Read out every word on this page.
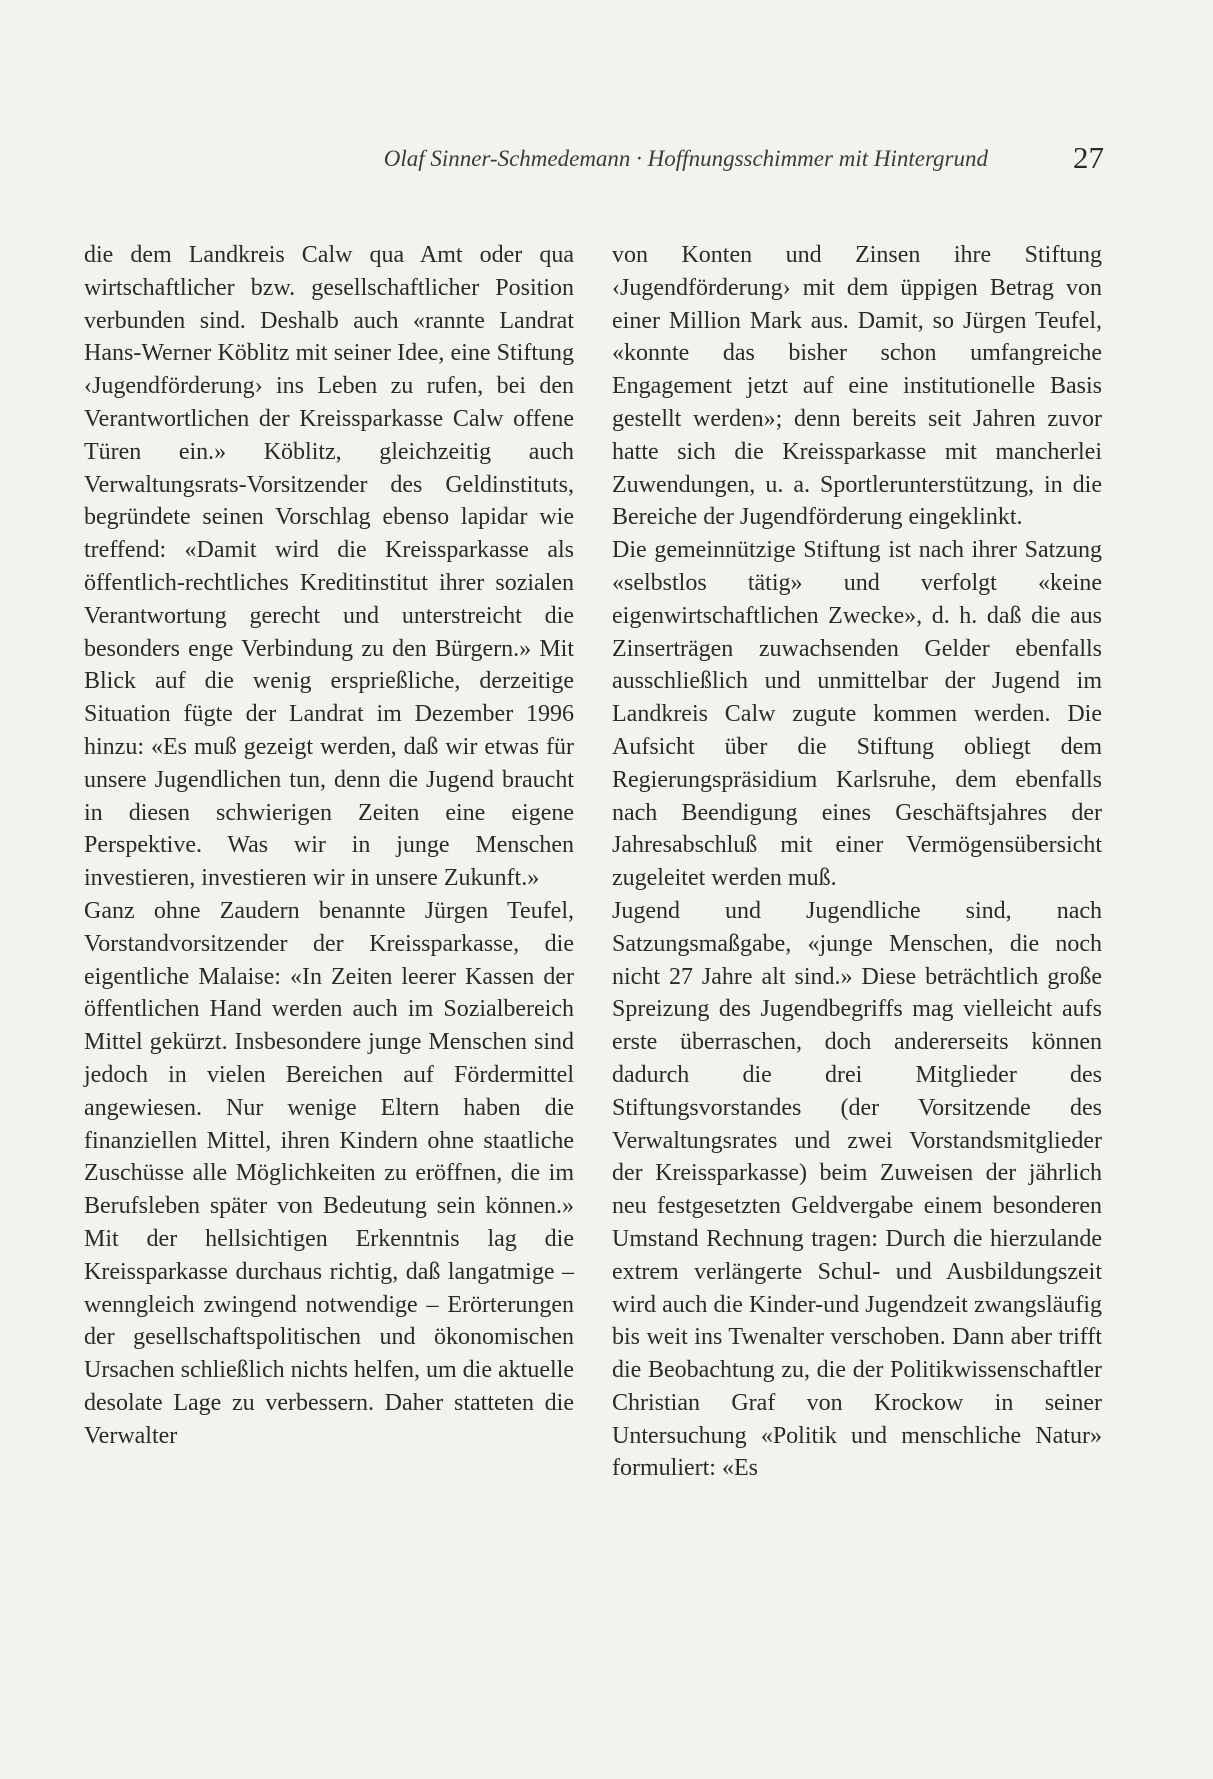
Olaf Sinner-Schmedemann · Hoffnungsschimmer mit Hintergrund	27

die dem Landkreis Calw qua Amt oder qua wirtschaftlicher bzw. gesellschaftlicher Position verbunden sind. Deshalb auch «rannte Landrat Hans-Werner Köblitz mit seiner Idee, eine Stiftung ‹Jugendförderung› ins Leben zu rufen, bei den Verantwortlichen der Kreissparkasse Calw offene Türen ein.» Köblitz, gleichzeitig auch Verwaltungsrats-Vorsitzender des Geldinstituts, begründete seinen Vorschlag ebenso lapidar wie treffend: «Damit wird die Kreissparkasse als öffentlich-rechtliches Kreditinstitut ihrer sozialen Verantwortung gerecht und unterstreicht die besonders enge Verbindung zu den Bürgern.» Mit Blick auf die wenig ersprießliche, derzeitige Situation fügte der Landrat im Dezember 1996 hinzu: «Es muß gezeigt werden, daß wir etwas für unsere Jugendlichen tun, denn die Jugend braucht in diesen schwierigen Zeiten eine eigene Perspektive. Was wir in junge Menschen investieren, investieren wir in unsere Zukunft.»

Ganz ohne Zaudern benannte Jürgen Teufel, Vorstandvorsitzender der Kreissparkasse, die eigentliche Malaise: «In Zeiten leerer Kassen der öffentlichen Hand werden auch im Sozialbereich Mittel gekürzt. Insbesondere junge Menschen sind jedoch in vielen Bereichen auf Fördermittel angewiesen. Nur wenige Eltern haben die finanziellen Mittel, ihren Kindern ohne staatliche Zuschüsse alle Möglichkeiten zu eröffnen, die im Berufsleben später von Bedeutung sein können.» Mit der hellsichtigen Erkenntnis lag die Kreissparkasse durchaus richtig, daß langatmige – wenngleich zwingend notwendige – Erörterungen der gesellschaftspolitischen und ökonomischen Ursachen schließlich nichts helfen, um die aktuelle desolate Lage zu verbessern. Daher statteten die Verwalter

von Konten und Zinsen ihre Stiftung ‹Jugendförderung› mit dem üppigen Betrag von einer Million Mark aus. Damit, so Jürgen Teufel, «konnte das bisher schon umfangreiche Engagement jetzt auf eine institutionelle Basis gestellt werden»; denn bereits seit Jahren zuvor hatte sich die Kreissparkasse mit mancherlei Zuwendungen, u. a. Sportlerunterstützung, in die Bereiche der Jugendförderung eingeklinkt.

Die gemeinnützige Stiftung ist nach ihrer Satzung «selbstlos tätig» und verfolgt «keine eigenwirtschaftlichen Zwecke», d. h. daß die aus Zinserträgen zuwachsenden Gelder ebenfalls ausschließlich und unmittelbar der Jugend im Landkreis Calw zugute kommen werden. Die Aufsicht über die Stiftung obliegt dem Regierungspräsidium Karlsruhe, dem ebenfalls nach Beendigung eines Geschäftsjahres der Jahresabschluß mit einer Vermögensübersicht zugeleitet werden muß.

Jugend und Jugendliche sind, nach Satzungsmaßgabe, «junge Menschen, die noch nicht 27 Jahre alt sind.» Diese beträchtlich große Spreizung des Jugendbegriffs mag vielleicht aufs erste überraschen, doch andererseits können dadurch die drei Mitglieder des Stiftungsvorstandes (der Vorsitzende des Verwaltungsrates und zwei Vorstandsmitglieder der Kreissparkasse) beim Zuweisen der jährlich neu festgesetzten Geldvergabe einem besonderen Umstand Rechnung tragen: Durch die hierzulande extrem verlängerte Schul- und Ausbildungszeit wird auch die Kinder-und Jugendzeit zwangsläufig bis weit ins Twenalter verschoben. Dann aber trifft die Beobachtung zu, die der Politikwissenschaftler Christian Graf von Krockow in seiner Untersuchung «Politik und menschliche Natur» formuliert: «Es
